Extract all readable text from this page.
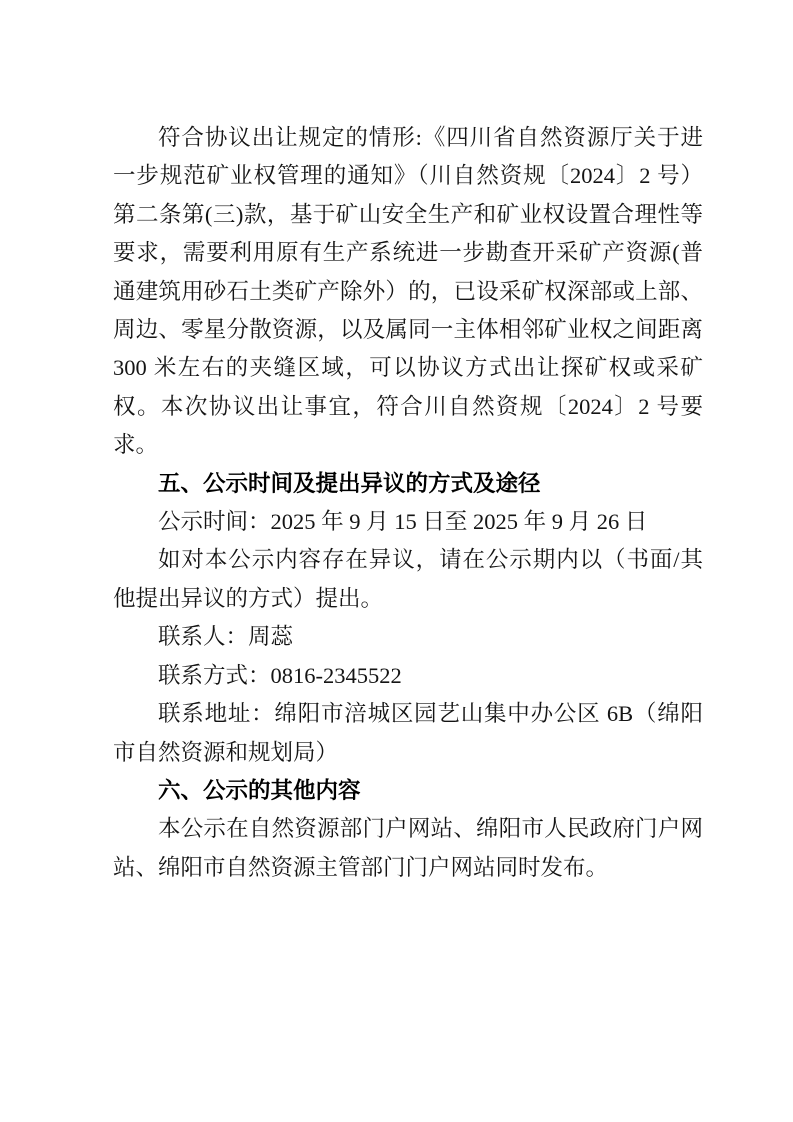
符合协议出让规定的情形:《四川省自然资源厅关于进一步规范矿业权管理的通知》（川自然资规〔2024〕2 号）第二条第(三)款，基于矿山安全生产和矿业权设置合理性等要求，需要利用原有生产系统进一步勘查开采矿产资源(普通建筑用砂石土类矿产除外）的，已设采矿权深部或上部、周边、零星分散资源，以及属同一主体相邻矿业权之间距离 300 米左右的夹缝区域，可以协议方式出让探矿权或采矿权。本次协议出让事宜，符合川自然资规〔2024〕2 号要求。

五、公示时间及提出异议的方式及途径

公示时间：2025 年 9 月 15 日至 2025 年 9 月 26 日

如对本公示内容存在异议，请在公示期内以（书面/其他提出异议的方式）提出。

联系人：周蕊

联系方式：0816-2345522

联系地址：绵阳市涪城区园艺山集中办公区 6B（绵阳市自然资源和规划局）

六、公示的其他内容

本公示在自然资源部门户网站、绵阳市人民政府门户网站、绵阳市自然资源主管部门门户网站同时发布。
